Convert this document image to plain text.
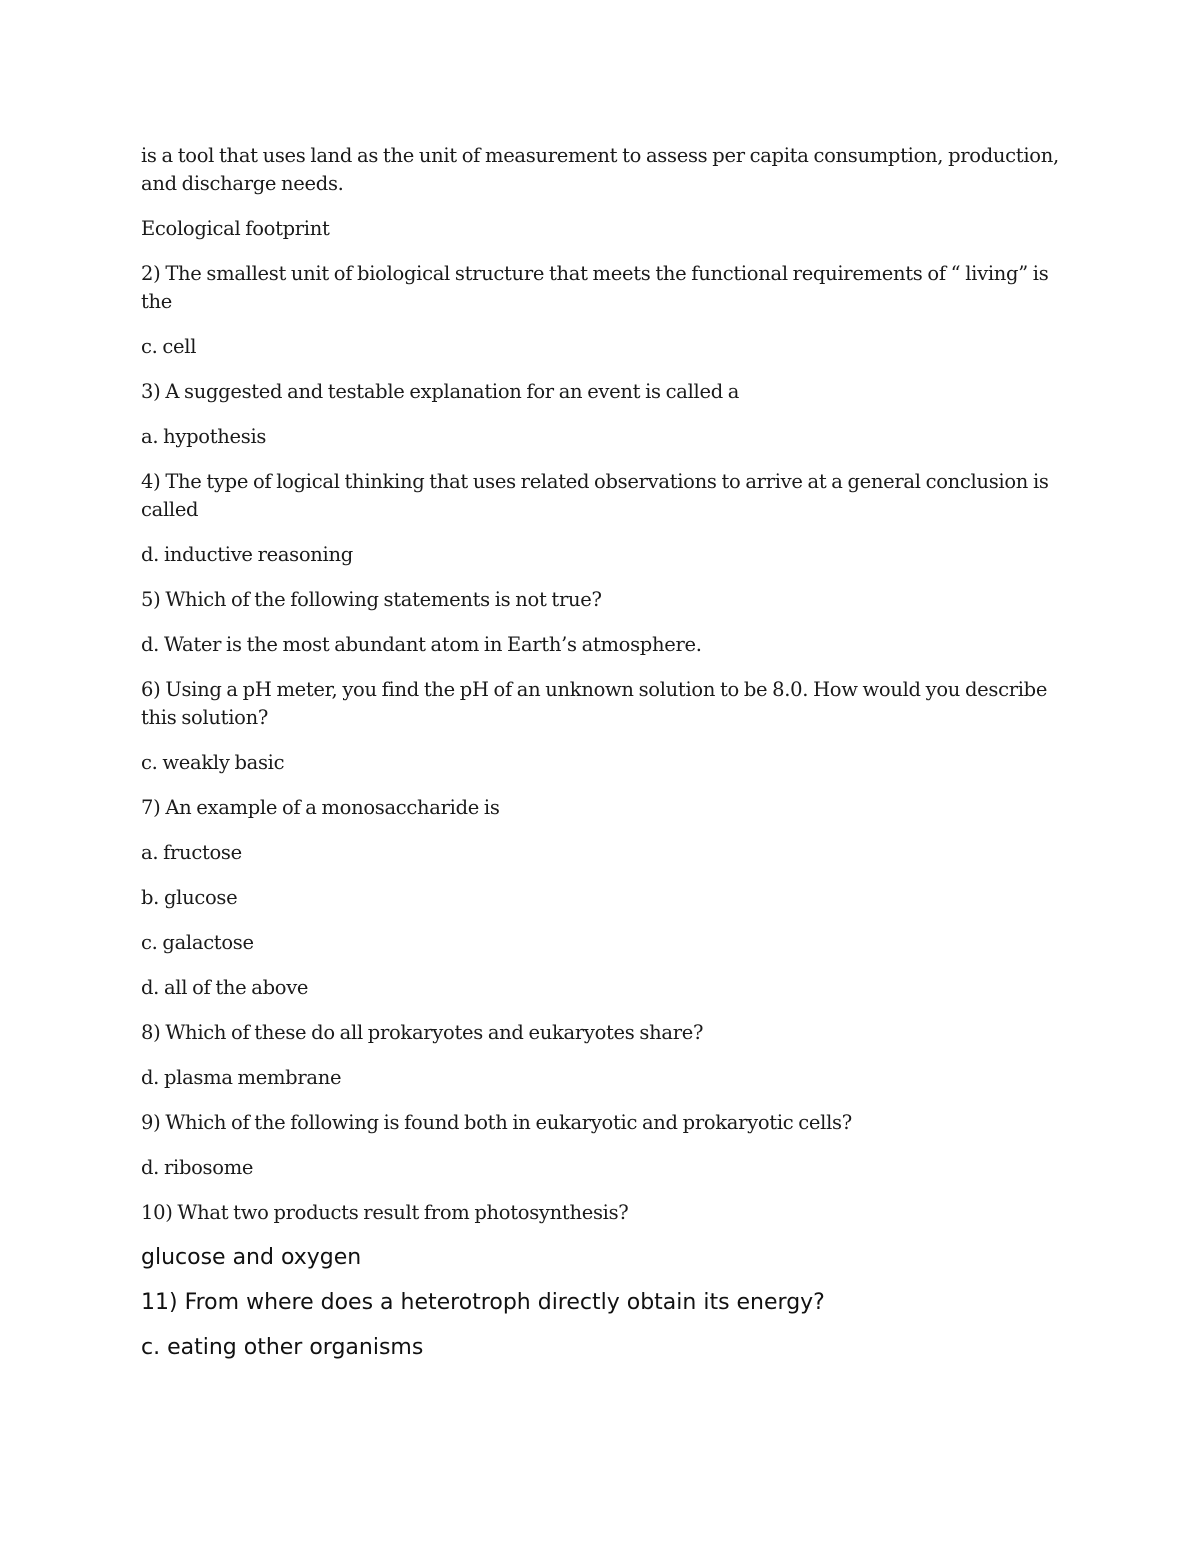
is a tool that uses land as the unit of measurement to assess per capita consumption, production, and discharge needs.

Ecological footprint

2) The smallest unit of biological structure that meets the functional requirements of “ living” is the

c. cell

3) A suggested and testable explanation for an event is called a

a. hypothesis

4) The type of logical thinking that uses related observations to arrive at a general conclusion is called

d. inductive reasoning

5) Which of the following statements is not true?

d. Water is the most abundant atom in Earth’s atmosphere.

6) Using a pH meter, you find the pH of an unknown solution to be 8.0. How would you describe this solution?

c. weakly basic

7) An example of a monosaccharide is

a. fructose

b. glucose

c. galactose

d. all of the above

8) Which of these do all prokaryotes and eukaryotes share?

d. plasma membrane

9) Which of the following is found both in eukaryotic and prokaryotic cells?

d. ribosome

10) What two products result from photosynthesis?

glucose and oxygen

11) From where does a heterotroph directly obtain its energy?

c. eating other organisms
